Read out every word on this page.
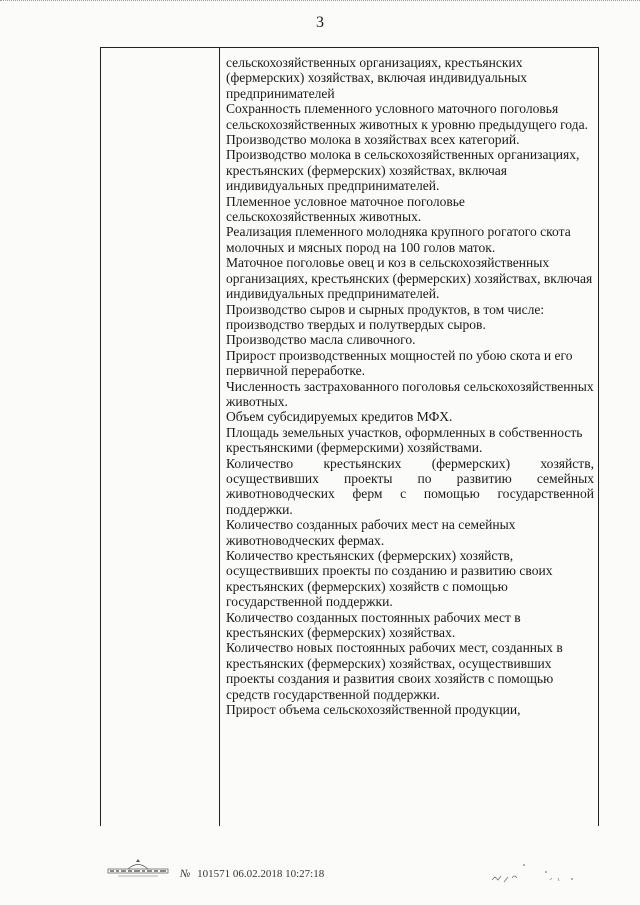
3

сельскохозяйственных организациях, крестьянских (фермерских) хозяйствах, включая индивидуальных предпринимателей

Сохранность племенного условного маточного поголовья сельскохозяйственных животных к уровню предыдущего года.

Производство молока в хозяйствах всех категорий.

Производство молока в сельскохозяйственных организациях, крестьянских (фермерских) хозяйствах, включая индивидуальных предпринимателей.

Племенное условное маточное поголовье сельскохозяйственных животных.

Реализация племенного молодняка крупного рогатого скота молочных и мясных пород на 100 голов маток.

Маточное поголовье овец и коз в сельскохозяйственных организациях, крестьянских (фермерских) хозяйствах, включая индивидуальных предпринимателей.

Производство сыров и сырных продуктов, в том числе: производство твердых и полутвердых сыров.

Производство масла сливочного.

Прирост производственных мощностей по убою скота и его первичной переработке.

Численность застрахованного поголовья сельскохозяйственных животных.

Объем субсидируемых кредитов МФХ.

Площадь земельных участков, оформленных в собственность крестьянскими (фермерскими) хозяйствами.

Количество крестьянских (фермерских) хозяйств, осуществивших проекты по развитию семейных животноводческих ферм с помощью государственной поддержки.

Количество созданных рабочих мест на семейных животноводческих фермах.

Количество крестьянских (фермерских) хозяйств, осуществивших проекты по созданию и развитию своих крестьянских (фермерских) хозяйств с помощью государственной поддержки.

Количество созданных постоянных рабочих мест в крестьянских (фермерских) хозяйствах.

Количество новых постоянных рабочих мест, созданных в крестьянских (фермерских) хозяйствах, осуществивших проекты создания и развития своих хозяйств с помощью средств государственной поддержки.

Прирост объема сельскохозяйственной продукции,

№ 101571 06.02.2018 10:27:18
